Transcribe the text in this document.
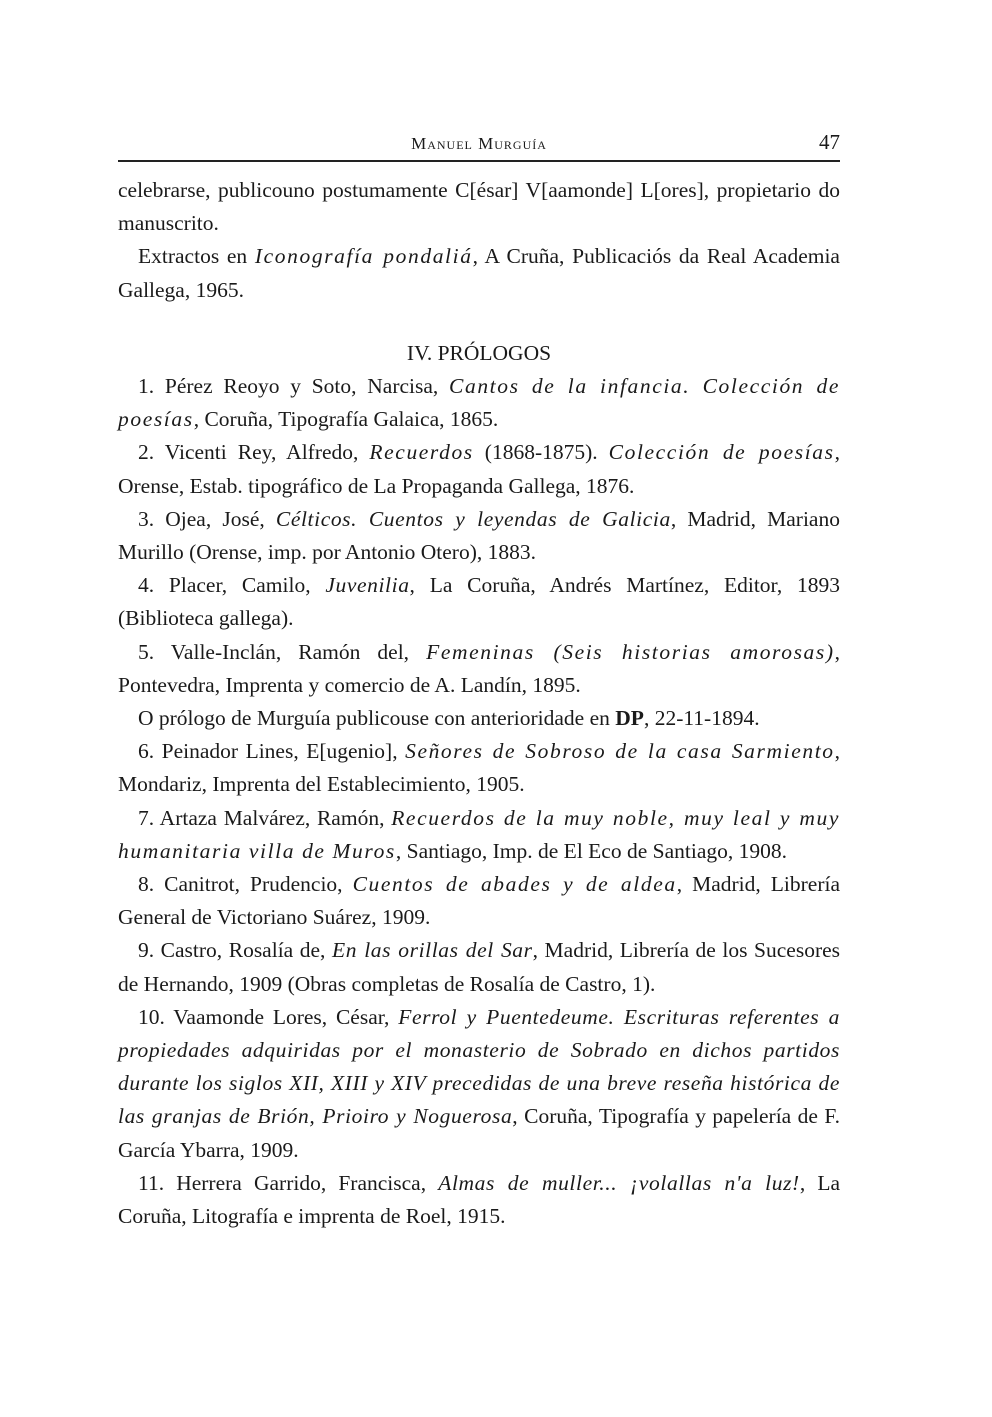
Manuel Murguía	47

celebrarse, publicouno postumamente C[ésar] V[aamonde] L[ores], propietario do manuscrito.

Extractos en Iconografía pondaliá, A Cruña, Publicaciós da Real Academia Gallega, 1965.

IV. PRÓLOGOS

1. Pérez Reoyo y Soto, Narcisa, Cantos de la infancia. Colección de poesías, Coruña, Tipografía Galaica, 1865.

2. Vicenti Rey, Alfredo, Recuerdos (1868-1875). Colección de poesías, Orense, Estab. tipográfico de La Propaganda Gallega, 1876.

3. Ojea, José, Célticos. Cuentos y leyendas de Galicia, Madrid, Mariano Murillo (Orense, imp. por Antonio Otero), 1883.

4. Placer, Camilo, Juvenilia, La Coruña, Andrés Martínez, Editor, 1893 (Biblioteca gallega).

5. Valle-Inclán, Ramón del, Femeninas (Seis historias amorosas), Pontevedra, Imprenta y comercio de A. Landín, 1895.

O prólogo de Murguía publicouse con anterioridade en DP, 22-11-1894.

6. Peinador Lines, E[ugenio], Señores de Sobroso de la casa Sarmiento, Mondariz, Imprenta del Establecimiento, 1905.

7. Artaza Malvárez, Ramón, Recuerdos de la muy noble, muy leal y muy humanitaria villa de Muros, Santiago, Imp. de El Eco de Santiago, 1908.

8. Canitrot, Prudencio, Cuentos de abades y de aldea, Madrid, Librería General de Victoriano Suárez, 1909.

9. Castro, Rosalía de, En las orillas del Sar, Madrid, Librería de los Sucesores de Hernando, 1909 (Obras completas de Rosalía de Castro, 1).

10. Vaamonde Lores, César, Ferrol y Puentedeume. Escrituras referentes a propiedades adquiridas por el monasterio de Sobrado en dichos partidos durante los siglos XII, XIII y XIV precedidas de una breve reseña histórica de las granjas de Brión, Prioiro y Noguerosa, Coruña, Tipografía y papelería de F. García Ybarra, 1909.

11. Herrera Garrido, Francisca, Almas de muller... ¡volallas n'a luz!, La Coruña, Litografía e imprenta de Roel, 1915.
